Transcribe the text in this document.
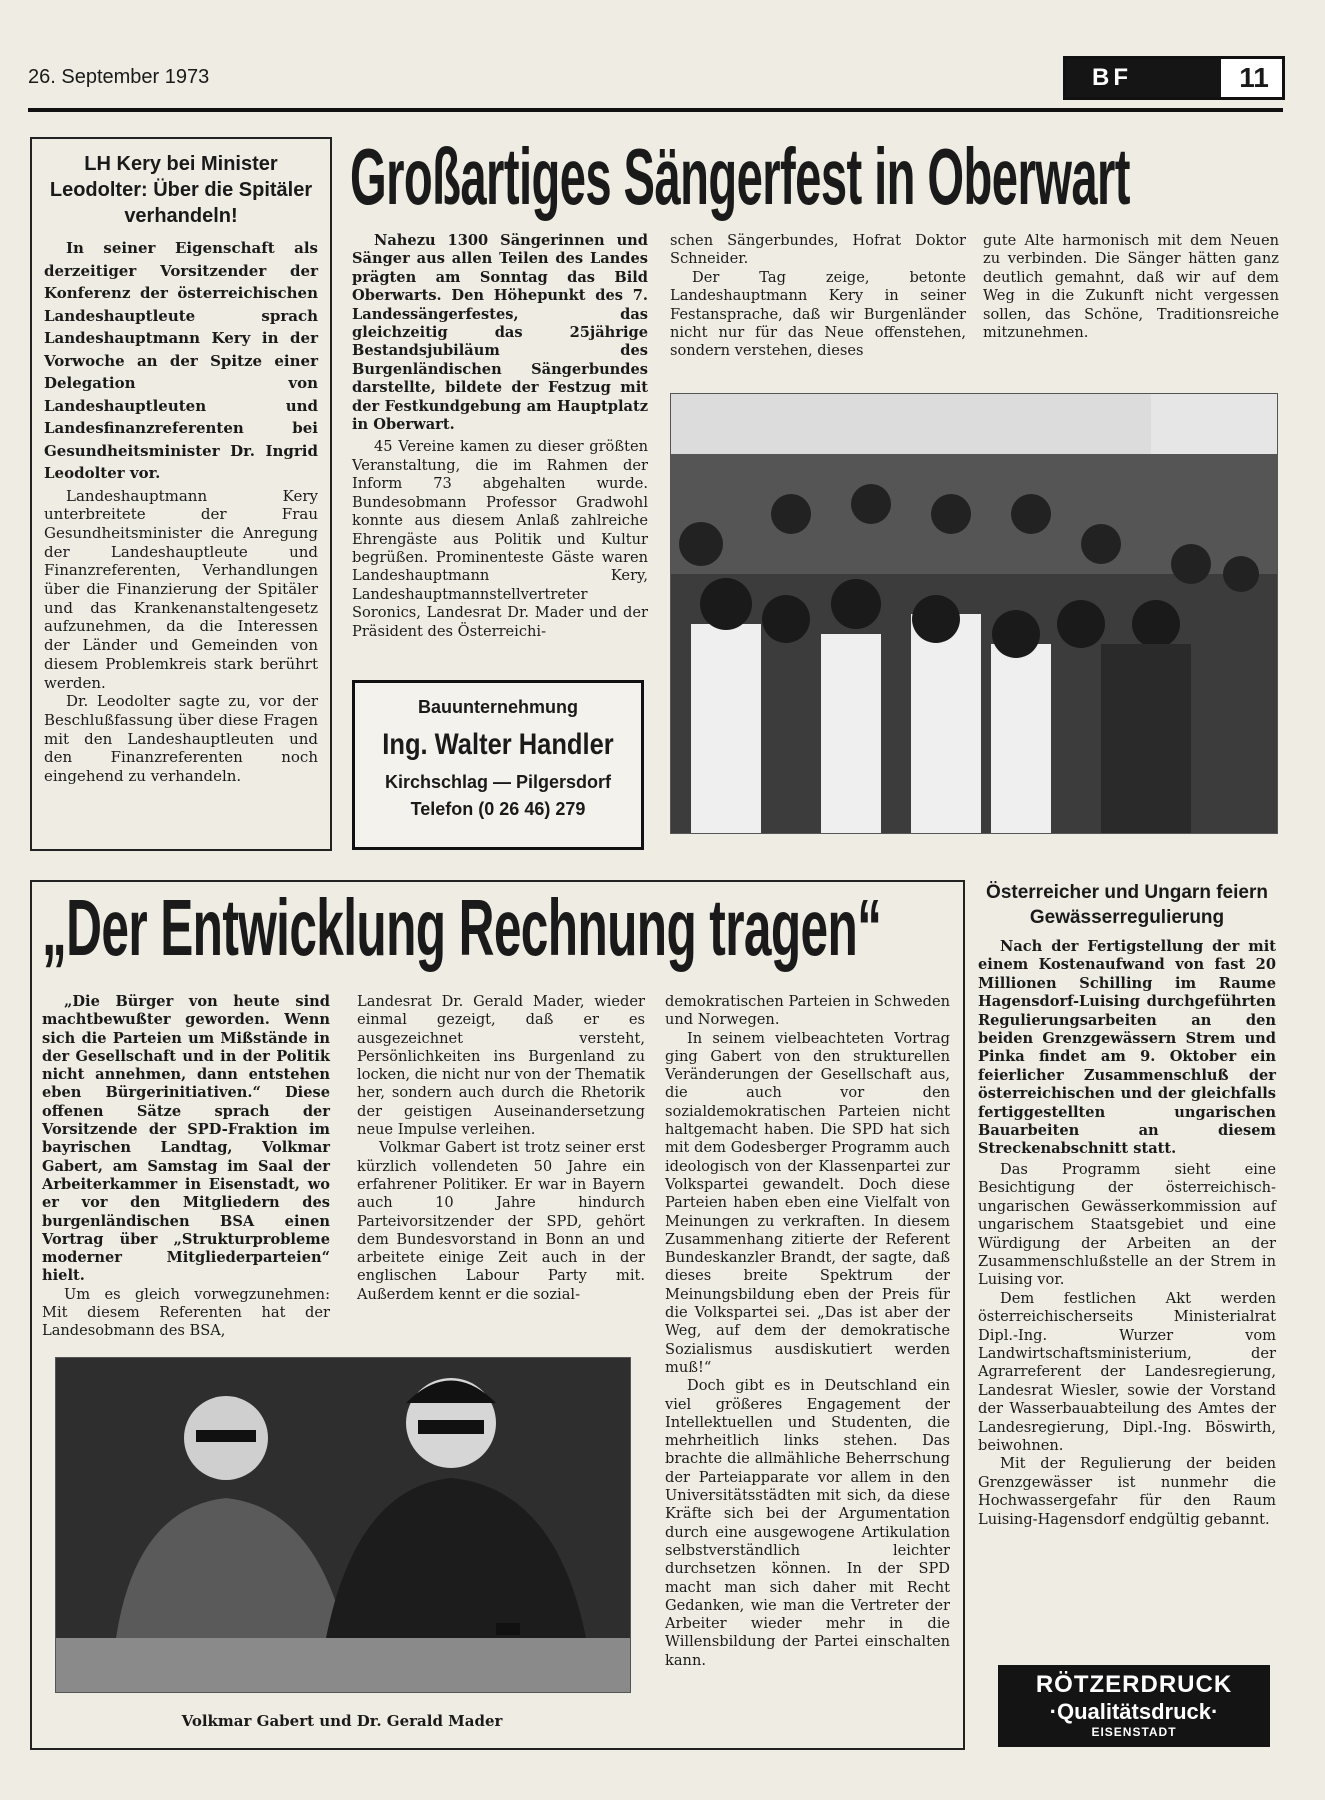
26. September 1973	BF	11
LH Kery bei Minister Leodolter: Über die Spitäler verhandeln!
In seiner Eigenschaft als derzeitiger Vorsitzender der Konferenz der österreichischen Landeshauptleute sprach Landeshauptmann Kery in der Vorwoche an der Spitze einer Delegation von Landeshauptleuten und Landesfinanzreferenten bei Gesundheitsminister Dr. Ingrid Leodolter vor.
Landeshauptmann Kery unterbreitete der Frau Gesundheitsminister die Anregung der Landeshauptleute und Finanzreferenten, Verhandlungen über die Finanzierung der Spitäler und das Krankenanstaltengesetz aufzunehmen, da die Interessen der Länder und Gemeinden von diesem Problemkreis stark berührt werden.
Dr. Leodolter sagte zu, vor der Beschlußfassung über diese Fragen mit den Landeshauptleuten und den Finanzreferenten noch eingehend zu verhandeln.
Großartiges Sängerfest in Oberwart
Nahezu 1300 Sängerinnen und Sänger aus allen Teilen des Landes prägten am Sonntag das Bild Oberwarts. Den Höhepunkt des 7. Landessängerfestes, das gleichzeitig das 25jährige Bestandsjubiläum des Burgenländischen Sängerbundes darstellte, bildete der Festzug mit der Festkundgebung am Hauptplatz in Oberwart.
45 Vereine kamen zu dieser größten Veranstaltung, die im Rahmen der Inform 73 abgehalten wurde. Bundesobmann Professor Gradwohl konnte aus diesem Anlaß zahlreiche Ehrengäste aus Politik und Kultur begrüßen. Prominenteste Gäste waren Landeshauptmann Kery, Landeshauptmannstellvertreter Soronics, Landesrat Dr. Mader und der Präsident des Österreichi-
schen Sängerbundes, Hofrat Doktor Schneider.
Der Tag zeige, betonte Landeshauptmann Kery in seiner Festansprache, daß wir Burgenländer nicht nur für das Neue offenstehen, sondern verstehen, dieses
gute Alte harmonisch mit dem Neuen zu verbinden. Die Sänger hätten ganz deutlich gemahnt, daß wir auf dem Weg in die Zukunft nicht vergessen sollen, das Schöne, Traditionsreiche mitzunehmen.
Bauunternehmung
Ing. Walter Handler
Kirchschlag — Pilgersdorf
Telefon (0 26 46) 279
„Der Entwicklung Rechnung tragen“
„Die Bürger von heute sind machtbewußter geworden. Wenn sich die Parteien um Mißstände in der Gesellschaft und in der Politik nicht annehmen, dann entstehen eben Bürgerinitiativen.“ Diese offenen Sätze sprach der Vorsitzende der SPD-Fraktion im bayrischen Landtag, Volkmar Gabert, am Samstag im Saal der Arbeiterkammer in Eisenstadt, wo er vor den Mitgliedern des burgenländischen BSA einen Vortrag über „Strukturprobleme moderner Mitgliederparteien“ hielt.
Um es gleich vorwegzunehmen: Mit diesem Referenten hat der Landesobmann des BSA,
Landesrat Dr. Gerald Mader, wieder einmal gezeigt, daß er es ausgezeichnet versteht, Persönlichkeiten ins Burgenland zu locken, die nicht nur von der Thematik her, sondern auch durch die Rhetorik der geistigen Auseinandersetzung neue Impulse verleihen.
Volkmar Gabert ist trotz seiner erst kürzlich vollendeten 50 Jahre ein erfahrener Politiker. Er war in Bayern auch 10 Jahre hindurch Parteivorsitzender der SPD, gehört dem Bundesvorstand in Bonn an und arbeitete einige Zeit auch in der englischen Labour Party mit. Außerdem kennt er die sozial-
demokratischen Parteien in Schweden und Norwegen.
In seinem vielbeachteten Vortrag ging Gabert von den strukturellen Veränderungen der Gesellschaft aus, die auch vor den sozialdemokratischen Parteien nicht haltgemacht haben. Die SPD hat sich mit dem Godesberger Programm auch ideologisch von der Klassenpartei zur Volkspartei gewandelt. Doch diese Parteien haben eben eine Vielfalt von Meinungen zu verkraften. In diesem Zusammenhang zitierte der Referent Bundeskanzler Brandt, der sagte, daß dieses breite Spektrum der Meinungsbildung eben der Preis für die Volkspartei sei. „Das ist aber der Weg, auf dem der demokratische Sozialismus ausdiskutiert werden muß!“
Doch gibt es in Deutschland ein viel größeres Engagement der Intellektuellen und Studenten, die mehrheitlich links stehen. Das brachte die allmähliche Beherrschung der Parteiapparate vor allem in den Universitätsstädten mit sich, da diese Kräfte sich bei der Argumentation durch eine ausgewogene Artikulation selbstverständlich leichter durchsetzen können. In der SPD macht man sich daher mit Recht Gedanken, wie man die Vertreter der Arbeiter wieder mehr in die Willensbildung der Partei einschalten kann.
Volkmar Gabert und Dr. Gerald Mader
Österreicher und Ungarn feiern Gewässerregulierung
Nach der Fertigstellung der mit einem Kostenaufwand von fast 20 Millionen Schilling im Raume Hagensdorf-Luising durchgeführten Regulierungsarbeiten an den beiden Grenzgewässern Strem und Pinka findet am 9. Oktober ein feierlicher Zusammenschluß der österreichischen und der gleichfalls fertiggestellten ungarischen Bauarbeiten an diesem Streckenabschnitt statt.
Das Programm sieht eine Besichtigung der österreichisch-ungarischen Gewässerkommission auf ungarischem Staatsgebiet und eine Würdigung der Arbeiten an der Zusammenschlußstelle an der Strem in Luising vor.
Dem festlichen Akt werden österreichischerseits Ministerialrat Dipl.-Ing. Wurzer vom Landwirtschaftsministerium, der Agrarreferent der Landesregierung, Landesrat Wiesler, sowie der Vorstand der Wasserbauabteilung des Amtes der Landesregierung, Dipl.-Ing. Böswirth, beiwohnen.
Mit der Regulierung der beiden Grenzgewässer ist nunmehr die Hochwassergefahr für den Raum Luising-Hagensdorf endgültig gebannt.
RÖTZERDRUCK
·Qualitätsdruck·
EISENSTADT
